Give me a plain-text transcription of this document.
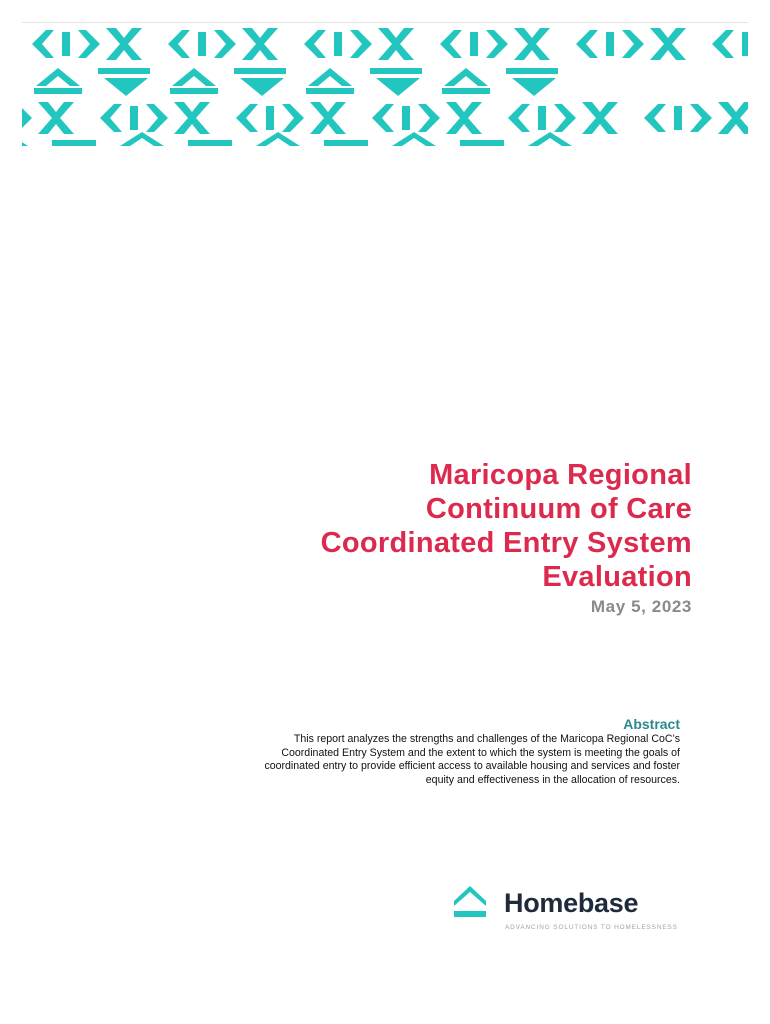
Maricopa Regional
Continuum of Care
Coordinated Entry System
Evaluation
May 5, 2023
Abstract
This report analyzes the strengths and challenges of the Maricopa Regional CoC’s
Coordinated Entry System and the extent to which the system is meeting the goals of
coordinated entry to provide efficient access to available housing and services and foster
equity and effectiveness in the allocation of resources.
Homebase
ADVANCING SOLUTIONS TO HOMELESSNESS
